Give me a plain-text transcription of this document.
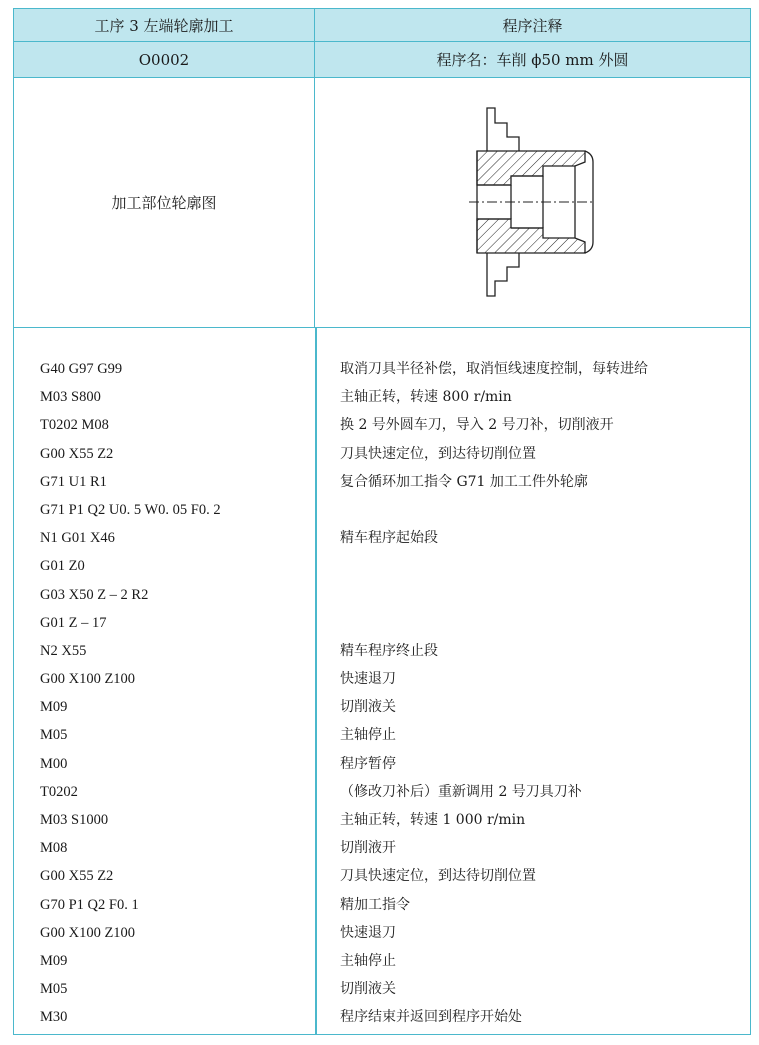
工序 3 左端轮廓加工	程序注释
O0002	程序名：车削 ϕ50 mm 外圆
加工部位轮廓图
G40 G97 G99
M03 S800
T0202 M08
G00 X55 Z2
G71 U1 R1
G71 P1 Q2 U0. 5 W0. 05 F0. 2
N1 G01 X46
G01 Z0
G03 X50 Z – 2 R2
G01 Z – 17
N2 X55
G00 X100 Z100
M09
M05
M00
T0202
M03 S1000
M08
G00 X55 Z2
G70 P1 Q2 F0. 1
G00 X100 Z100
M09
M05
M30
取消刀具半径补偿，取消恒线速度控制，每转进给
主轴正转，转速 800 r/min
换 2 号外圆车刀，导入 2 号刀补，切削液开
刀具快速定位，到达待切削位置
复合循环加工指令 G71 加工工件外轮廓
精车程序起始段
精车程序终止段
快速退刀
切削液关
主轴停止
程序暂停
（修改刀补后）重新调用 2 号刀具刀补
主轴正转，转速 1 000 r/min
切削液开
刀具快速定位，到达待切削位置
精加工指令
快速退刀
主轴停止
切削液关
程序结束并返回到程序开始处
